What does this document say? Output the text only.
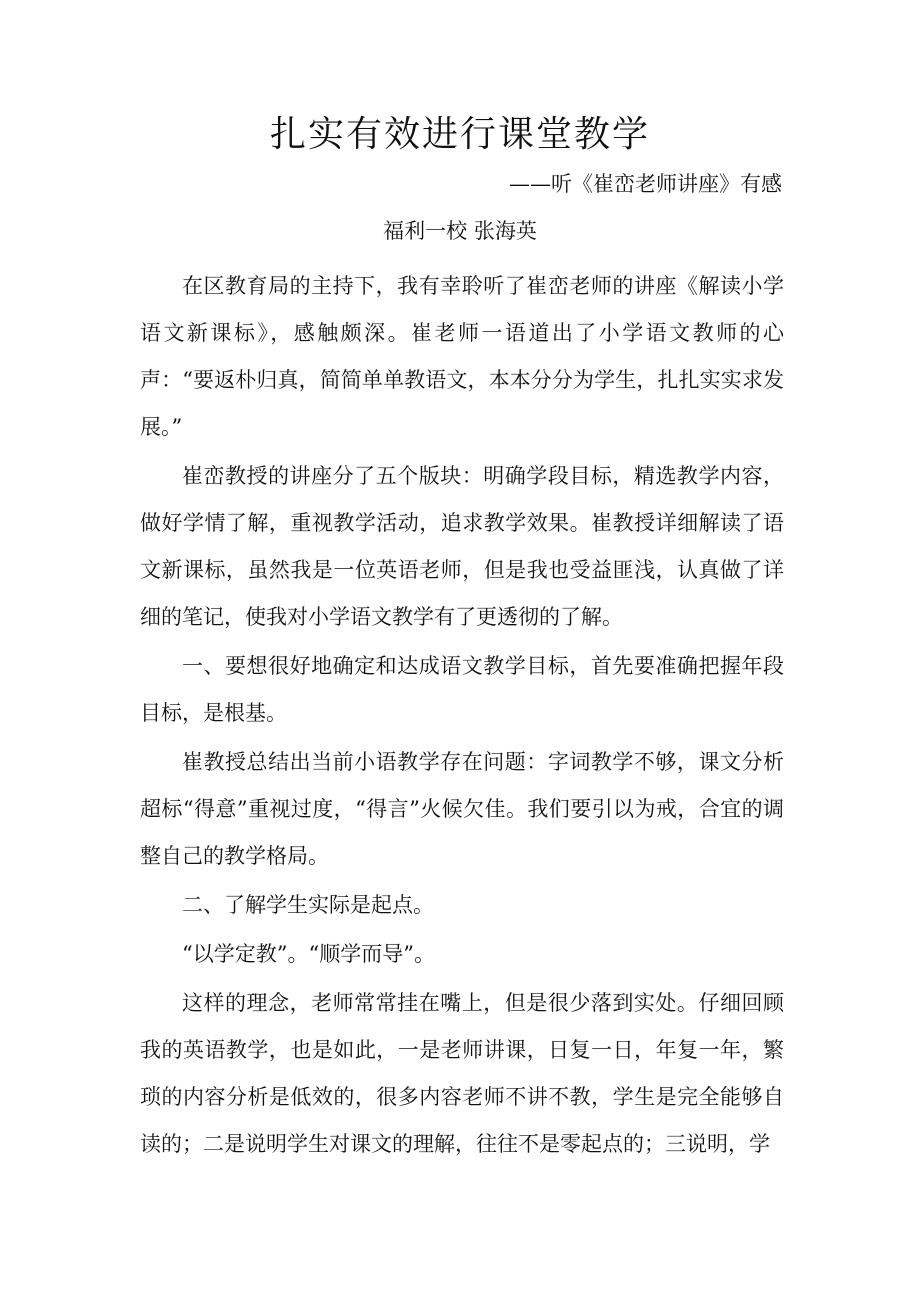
扎实有效进行课堂教学

——听《崔峦老师讲座》有感

福利一校 张海英

在区教育局的主持下，我有幸聆听了崔峦老师的讲座《解读小学语文新课标》，感触颇深。崔老师一语道出了小学语文教师的心声：“要返朴归真，简简单单教语文，本本分分为学生，扎扎实实求发展。”

崔峦教授的讲座分了五个版块：明确学段目标，精选教学内容，做好学情了解，重视教学活动，追求教学效果。崔教授详细解读了语文新课标，虽然我是一位英语老师，但是我也受益匪浅，认真做了详细的笔记，使我对小学语文教学有了更透彻的了解。

一、要想很好地确定和达成语文教学目标，首先要准确把握年段目标，是根基。

崔教授总结出当前小语教学存在问题：字词教学不够，课文分析超标“得意”重视过度，“得言”火候欠佳。我们要引以为戒，合宜的调整自己的教学格局。

二、了解学生实际是起点。

“以学定教”。“顺学而导”。

这样的理念，老师常常挂在嘴上，但是很少落到实处。仔细回顾我的英语教学，也是如此，一是老师讲课，日复一日，年复一年，繁琐的内容分析是低效的，很多内容老师不讲不教，学生是完全能够自读的；二是说明学生对课文的理解，往往不是零起点的；三说明，学
